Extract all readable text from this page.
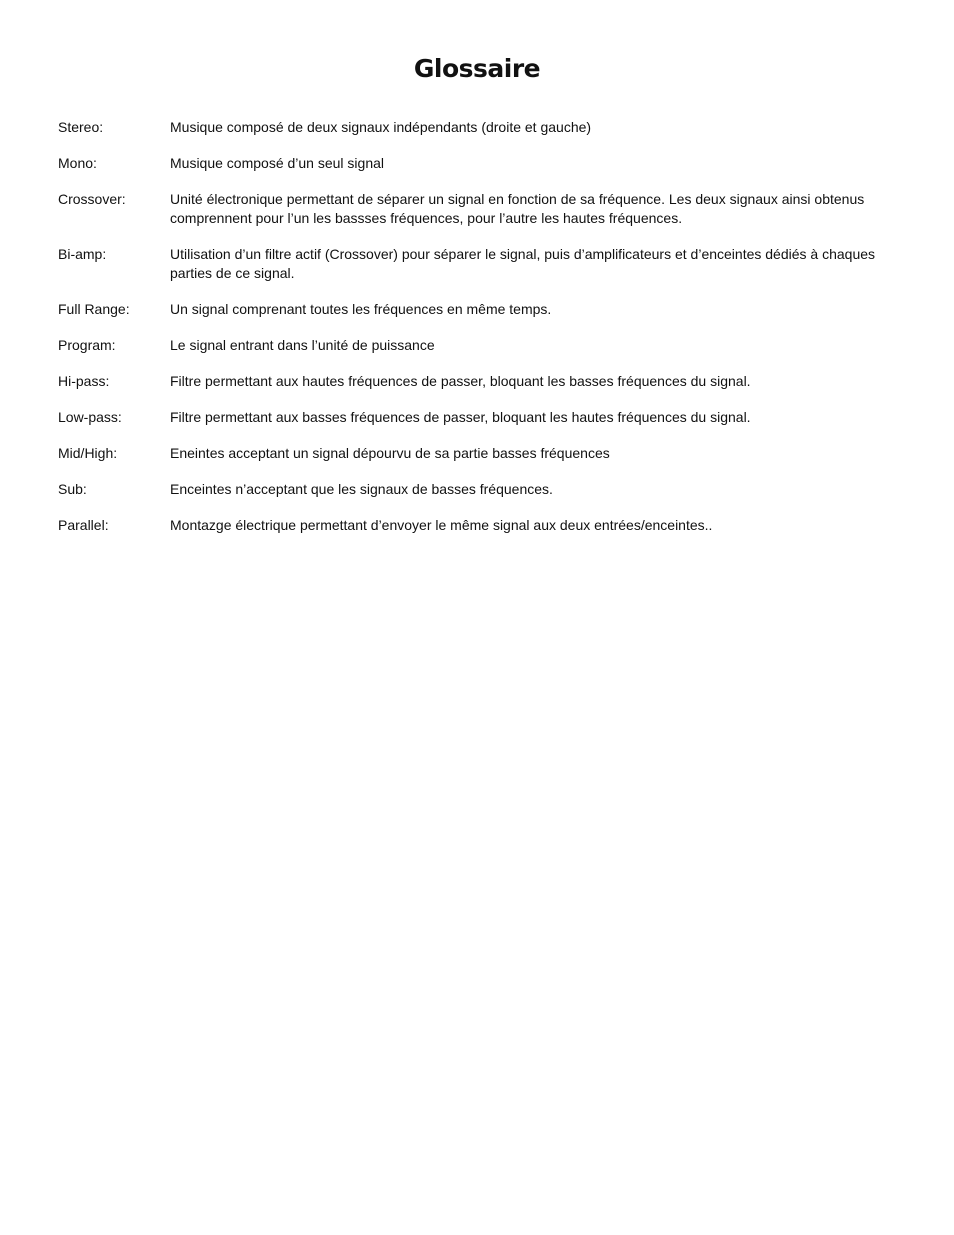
Glossaire
Stereo:	Musique composé de deux signaux indépendants (droite et gauche)
Mono:	Musique composé d’un seul signal
Crossover:	Unité électronique permettant de séparer un signal en fonction de sa fréquence. Les deux signaux ainsi obtenus comprennent pour l’un les bassses fréquences, pour l’autre les hautes fréquences.
Bi-amp:	Utilisation d’un filtre actif (Crossover) pour séparer le signal, puis d’amplificateurs et d’enceintes dédiés à chaques parties de ce signal.
Full Range:	Un signal comprenant toutes les fréquences en même temps.
Program:	Le signal entrant dans l’unité de puissance
Hi-pass:	Filtre permettant aux hautes fréquences de passer, bloquant les basses fréquences du signal.
Low-pass:	Filtre permettant aux basses fréquences de passer, bloquant les hautes fréquences du signal.
Mid/High:	Eneintes acceptant un signal dépourvu de sa partie basses fréquences
Sub:	Enceintes n’acceptant que les signaux de basses fréquences.
Parallel:	Montazge électrique permettant d’envoyer le même signal aux deux entrées/enceintes..
